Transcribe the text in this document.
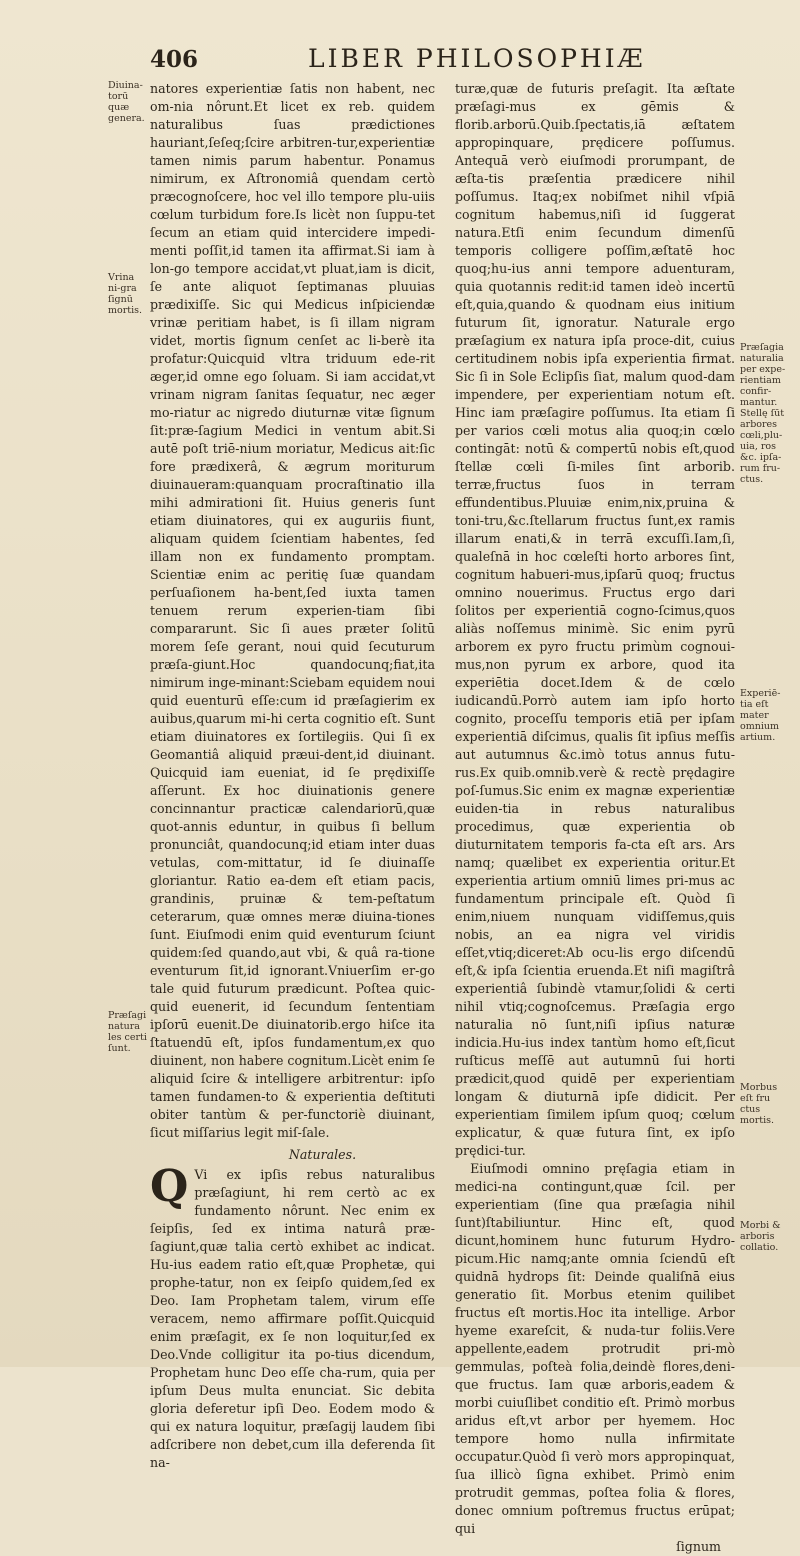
406	LIBER PHILOSOPHIÆ
Diuina-torū quæ genera.
Vrina ni-gra ſignū mortis.
Præſagi natura les certi ſunt.
Præſagia naturalia per expe-rientiam confir-mantur. Stellę ſūt arbores cœli,plu-uia, ros &c. ipſa-rum fru-ctus.
Experiē-tia eſt mater omnium artium.
Morbus eſt fru ctus mortis.
Morbi & arboris collatio.

natores experientiæ ſatis non habent, nec om-nia nôrunt.Et licet ex reb. quidem naturalibus ſuas prædictiones hauriant,ſeſeq;ſcire arbitren-tur,experientiæ tamen nimis parum habentur. Ponamus nimirum, ex Aſtronomiâ quendam certò præcognoſcere, hoc vel illo tempore plu-uiis cœlum turbidum fore.Is licèt non ſuppu-tet ſecum an etiam quid intercidere impedi-menti poſſit,id tamen ita affirmat.Si iam à lon-go tempore accidat,vt pluat,iam is dicit, ſe ante aliquot ſeptimanas pluuias prædixiſſe. Sic qui Medicus inſpiciendæ vrinæ peritiam habet, is ſi illam nigram videt, mortis ſignum cenſet ac li-berè ita profatur:Quicquid vltra triduum ede-rit æger,id omne ego ſoluam. Si iam accidat,vt vrinam nigram ſanitas ſequatur, nec æger mo-riatur ac nigredo diuturnæ vitæ ſignum ſit:præ-ſagium Medici in ventum abit.Si autē poſt triē-nium moriatur, Medicus ait:ſic fore prædixerâ, & ægrum moriturum diuinaueram:quanquam procraſtinatio illa mihi admirationi ſit. Huius generis ſunt etiam diuinatores, qui ex auguriis fiunt, aliquam quidem ſcientiam habentes, ſed illam non ex fundamento promptam. Scientiæ enim ac peritię ſuæ quandam perſuaſionem ha-bent,ſed iuxta tamen tenuem rerum experien-tiam ſibi compararunt. Sic ſi aues præter ſolitū morem ſeſe gerant, noui quid ſecuturum præſa-giunt.Hoc quandocunq;fiat,ita nimirum inge-minant:Sciebam equidem noui quid euenturū eſſe:cum id præſagierim ex auibus,quarum mi-hi certa cognitio eſt. Sunt etiam diuinatores ex ſortilegiis. Qui ſi ex Geomantiâ aliquid præui-dent,id diuinant. Quicquid iam eueniat, id ſe prędixiſſe aſſerunt. Ex hoc diuinationis genere concinnantur practicæ calendariorū,quæ quot-annis eduntur, in quibus ſi bellum pronunciât, quandocunq;id etiam inter duas vetulas, com-mittatur, id ſe diuinaſſe gloriantur. Ratio ea-dem eſt etiam pacis, grandinis, pruinæ & tem-peſtatum ceterarum, quæ omnes meræ diuina-tiones ſunt. Eiuſmodi enim quid eventurum ſciunt quidem:ſed quando,aut vbi, & quâ ra-tione eventurum ſit,id ignorant.Vniuerſim er-go tale quid futurum prædicunt. Poſtea quic-quid euenerit, id ſecundum ſententiam ipſorū euenit.De diuinatorib.ergo hiſce ita ſtatuendū eſt, ipſos fundamentum,ex quo diuinent, non habere cognitum.Licèt enim ſe aliquid ſcire & intelligere arbitrentur: ipſo tamen fundamen-to & experientia deſtituti obiter tantùm & per-functoriè diuinant, ſicut miſſarius legit miſ-ſale.

Naturales.

Q Vi ex ipſis rebus naturalibus præſagiunt, hi rem certò ac ex fundamento nôrunt. Nec enim ex ſeipſis, ſed ex intima naturâ præ-ſagiunt,quæ talia certò exhibet ac indicat. Hu-ius eadem ratio eſt,quæ Prophetæ, qui prophe-tatur, non ex ſeipſo quidem,ſed ex Deo. Iam Prophetam talem, virum eſſe veracem, nemo affirmare poſſit.Quicquid enim præſagit, ex ſe non loquitur,ſed ex Deo.Vnde colligitur ita po-tius dicendum, Prophetam hunc Deo eſſe cha-rum, quia per ipſum Deus multa enunciat. Sic debita gloria deferetur ipſi Deo. Eodem modo & qui ex natura loquitur, præſagij laudem ſibi adſcribere non debet,cum illa deferenda ſit na-

turæ,quæ de futuris preſagit. Ita æſtate præſagi-mus ex gēmis & florib.arborū.Quib.ſpectatis,iā æſtatem appropinquare, prędicere poſſumus. Antequā verò eiuſmodi prorumpant, de æſta-tis præſentia prædicere nihil poſſumus. Itaq;ex nobiſmet nihil vſpiā cognitum habemus,niſi id ſuggerat natura.Etſi enim ſecundum dimenſū temporis colligere poſſim,æſtatē hoc quoq;hu-ius anni tempore aduenturam, quia quotannis redit:id tamen ideò incertū eſt,quia,quando & quodnam eius initium futurum ſit, ignoratur. Naturale ergo præſagium ex natura ipſa proce-dit, cuius certitudinem nobis ipſa experientia firmat. Sic ſi in Sole Eclipſis ſiat, malum quod-dam impendere, per experientiam notum eſt. Hinc iam præſagire poſſumus. Ita etiam ſi per varios cœli motus alia quoq;in cœlo contingāt: notū & compertū nobis eſt,quod ſtellæ cœli ſi-miles ſint arborib. terræ,fructus ſuos in terram effundentibus.Pluuiæ enim,nix,pruina & toni-tru,&c.ſtellarum fructus ſunt,ex ramis illarum enati,& in terrā excuſſi.Iam,ſi, qualeſnā in hoc cœleſti horto arbores ſint, cognitum habueri-mus,ipſarū quoq; fructus omnino nouerimus. Fructus ergo dari ſolitos per experientiā cogno-ſcimus,quos aliàs noſſemus minimè. Sic enim pyrū arborem ex pyro fructu primùm cognoui-mus,non pyrum ex arbore, quod ita experiētia docet.Idem & de cœlo iudicandū.Porrò autem iam ipſo horto cognito, proceſſu temporis etiā per ipſam experientiā diſcimus, qualis ſit ipſius meſſis aut autumnus &c.imò totus annus futu-rus.Ex quib.omnib.verè & rectè prędagire poſ-ſumus.Sic enim ex magnæ experientiæ euiden-tia in rebus naturalibus procedimus, quæ experientia ob diuturnitatem temporis fa-cta eſt ars. Ars namq; quælibet ex experientia oritur.Et experientia artium omniū limes pri-mus ac fundamentum principale eſt. Quòd ſi enim,niuem nunquam vidiſſemus,quis nobis, an ea nigra vel viridis eſſet,vtiq;diceret:Ab ocu-lis ergo diſcendū eſt,& ipſa ſcientia eruenda.Et niſi magiſtrâ experientiâ ſubindè vtamur,ſolidi & certi nihil vtiq;cognoſcemus. Præſagia ergo naturalia nō ſunt,niſi ipſius naturæ indicia.Hu-ius index tantùm homo eſt,ſicut ruſticus meſſē aut autumnū ſui horti prædicit,quod quidē per experientiam longam & diuturnā ipſe didicit. Per experientiam ſimilem ipſum quoq; cœlum explicatur, & quæ futura ſint, ex ipſo prędici-tur.

Eiuſmodi omnino pręſagia etiam in medici-na contingunt,quæ ſcil. per experientiam (ſine qua præſagia nihil ſunt)ſtabiliuntur. Hinc eſt, quod dicunt,hominem hunc futurum Hydro-picum.Hic namq;ante omnia ſciendū eſt quidnā hydrops ſit: Deinde qualiſnā eius generatio ſit. Morbus etenim quilibet fructus eſt mortis.Hoc ita intellige. Arbor hyeme exareſcit, & nuda-tur foliis.Vere appellente,eadem protrudit pri-mò gemmulas, poſteà folia,deindè flores,deni-que fructus. Iam quæ arboris,eadem & morbi cuiuſlibet conditio eſt. Primò morbus aridus eſt,vt arbor per hyemem. Hoc tempore homo nulla infirmitate occupatur.Quòd ſi verò mors appropinquat, ſua illicò ſigna exhibet. Primò enim protrudit gemmas, poſtea folia & flores, donec omnium poſtremus fructus erūpat; qui

ſignum
